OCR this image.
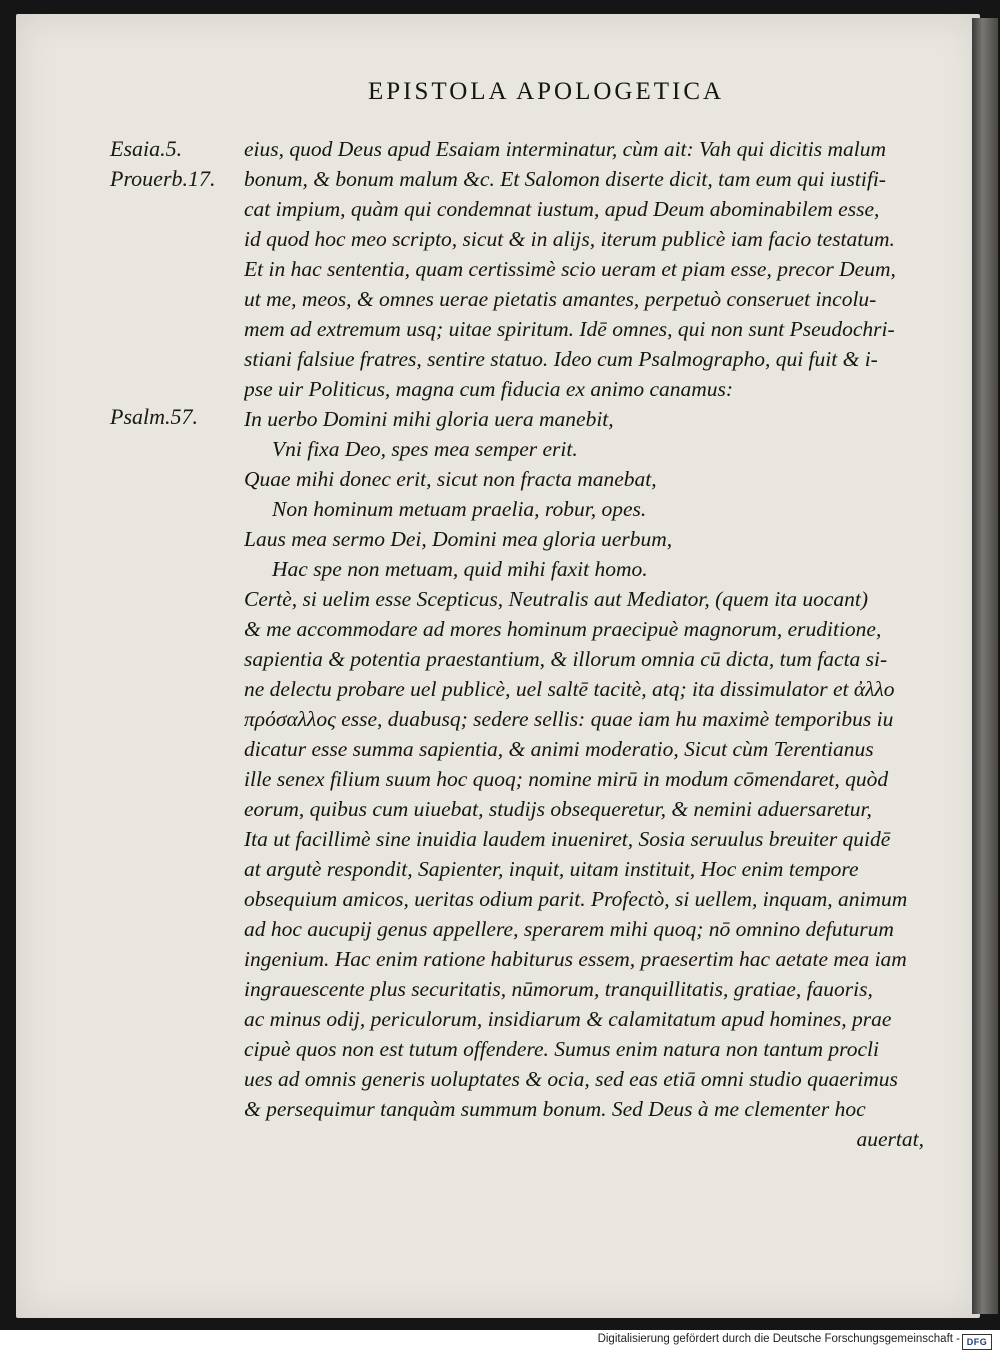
EPISTOLA APOLOGETICA
Esaia.5.
Prouerb.17.
Psalm.57.
eius, quod Deus apud Esaiam interminatur, cùm ait: Vah qui dicitis malum
bonum, & bonum malum &c. Et Salomon diserte dicit, tam eum qui iustifi-
cat impium, quàm qui condemnat iustum, apud Deum abominabilem esse,
id quod hoc meo scripto, sicut & in alijs, iterum publicè iam facio testatum.
Et in hac sententia, quam certissimè scio ueram et piam esse, precor Deum,
ut me, meos, & omnes uerae pietatis amantes, perpetuò conseruet incolu-
mem ad extremum usq; uitae spiritum. Idē omnes, qui non sunt Pseudochri-
stiani falsiue fratres, sentire statuo. Ideo cum Psalmographo, qui fuit & i-
pse uir Politicus, magna cum fiducia ex animo canamus:
In uerbo Domini mihi gloria uera manebit,
Vni fixa Deo, spes mea semper erit.
Quae mihi donec erit, sicut non fracta manebat,
Non hominum metuam praelia, robur, opes.
Laus mea sermo Dei, Domini mea gloria uerbum,
Hac spe non metuam, quid mihi faxit homo.
Certè, si uelim esse Scepticus, Neutralis aut Mediator, (quem ita uocant)
& me accommodare ad mores hominum praecipuè magnorum, eruditione,
sapientia & potentia praestantium, & illorum omnia cū dicta, tum facta si-
ne delectu probare uel publicè, uel saltē tacitè, atq; ita dissimulator et ἀλλο
πρόσαλλος esse, duabusq; sedere sellis: quae iam hu maximè temporibus iu
dicatur esse summa sapientia, & animi moderatio, Sicut cùm Terentianus
ille senex filium suum hoc quoq; nomine mirū in modum cōmendaret, quòd
eorum, quibus cum uiuebat, studijs obsequeretur, & nemini aduersaretur,
Ita ut facillimè sine inuidia laudem inueniret, Sosia seruulus breuiter quidē
at argutè respondit, Sapienter, inquit, uitam instituit, Hoc enim tempore
obsequium amicos, ueritas odium parit. Profectò, si uellem, inquam, animum
ad hoc aucupij genus appellere, sperarem mihi quoq; nō omnino defuturum
ingenium. Hac enim ratione habiturus essem, praesertim hac aetate mea iam
ingrauescente plus securitatis, nūmorum, tranquillitatis, gratiae, fauoris,
ac minus odij, periculorum, insidiarum & calamitatum apud homines, prae
cipuè quos non est tutum offendere. Sumus enim natura non tantum procli
ues ad omnis generis uoluptates & ocia, sed eas etiā omni studio quaerimus
& persequimur tanquàm summum bonum. Sed Deus à me clementer hoc
auertat,
Digitalisierung gefördert durch die Deutsche Forschungsgemeinschaft - DFG
